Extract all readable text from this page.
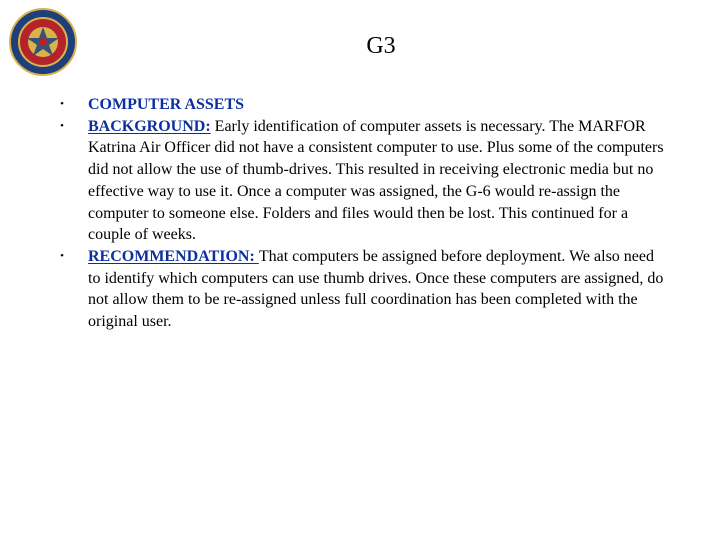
G3
• COMPUTER ASSETS
• BACKGROUND: Early identification of computer assets is necessary. The MARFOR Katrina Air Officer did not have a consistent computer to use. Plus some of the computers did not allow the use of thumb-drives. This resulted in receiving electronic media but no effective way to use it. Once a computer was assigned, the G-6 would re-assign the computer to someone else. Folders and files would then be lost. This continued for a couple of weeks.
• RECOMMENDATION: That computers be assigned before deployment. We also need to identify which computers can use thumb drives. Once these computers are assigned, do not allow them to be re-assigned unless full coordination has been completed with the original user.
